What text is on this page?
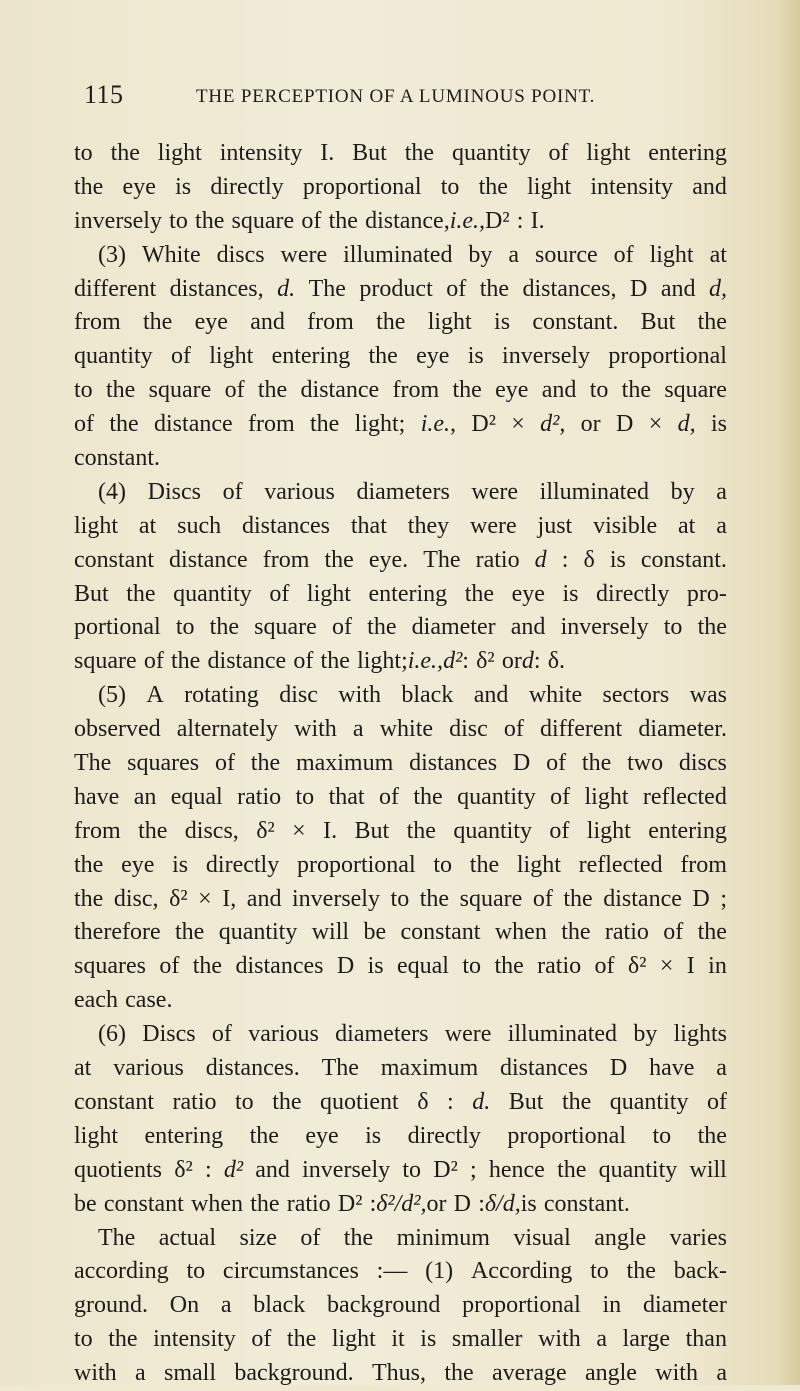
115	THE PERCEPTION OF A LUMINOUS POINT.
to the light intensity I. But the quantity of light entering
the eye is directly proportional to the light intensity and
inversely to the square of the distance, i.e., D² : I.
(3) White discs were illuminated by a source of light at
different distances, d. The product of the distances, D and d,
from the eye and from the light is constant. But the
quantity of light entering the eye is inversely proportional
to the square of the distance from the eye and to the square
of the distance from the light; i.e., D² × d², or D × d, is
constant.
(4) Discs of various diameters were illuminated by a
light at such distances that they were just visible at a
constant distance from the eye. The ratio d : δ is constant.
But the quantity of light entering the eye is directly pro-
portional to the square of the diameter and inversely to the
square of the distance of the light; i.e., d² : δ² or d : δ.
(5) A rotating disc with black and white sectors was
observed alternately with a white disc of different diameter.
The squares of the maximum distances D of the two discs
have an equal ratio to that of the quantity of light reflected
from the discs, δ² × I. But the quantity of light entering
the eye is directly proportional to the light reflected from
the disc, δ² × I, and inversely to the square of the distance D ;
therefore the quantity will be constant when the ratio of the
squares of the distances D is equal to the ratio of δ² × I in
each case.
(6) Discs of various diameters were illuminated by lights
at various distances. The maximum distances D have a
constant ratio to the quotient δ : d. But the quantity of
light entering the eye is directly proportional to the
quotients δ² : d² and inversely to D² ; hence the quantity will
be constant when the ratio D² : δ²/d², or D : δ/d, is constant.
The actual size of the minimum visual angle varies
according to circumstances :— (1) According to the back-
ground. On a black background proportional in diameter
to the intensity of the light it is smaller with a large than
with a small background. Thus, the average angle with a
